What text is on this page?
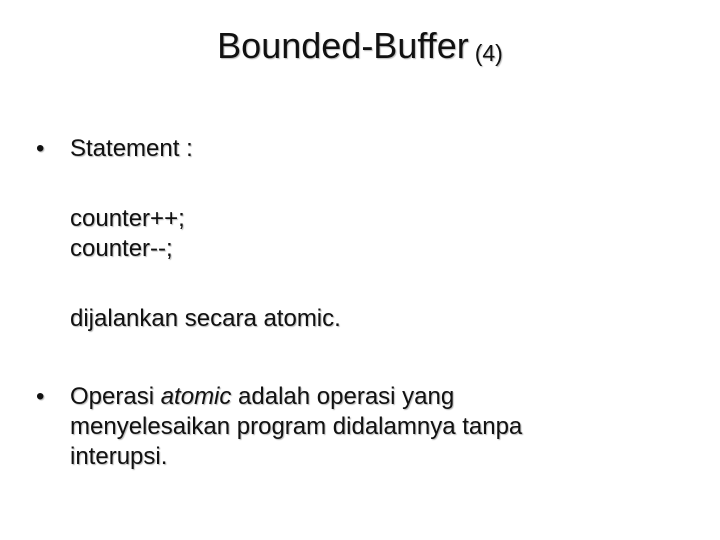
Bounded-Buffer (4)
•	Statement :
counter++;
counter--;
dijalankan secara atomic.
•	Operasi atomic adalah operasi yang
menyelesaikan program didalamnya tanpa
interupsi.
